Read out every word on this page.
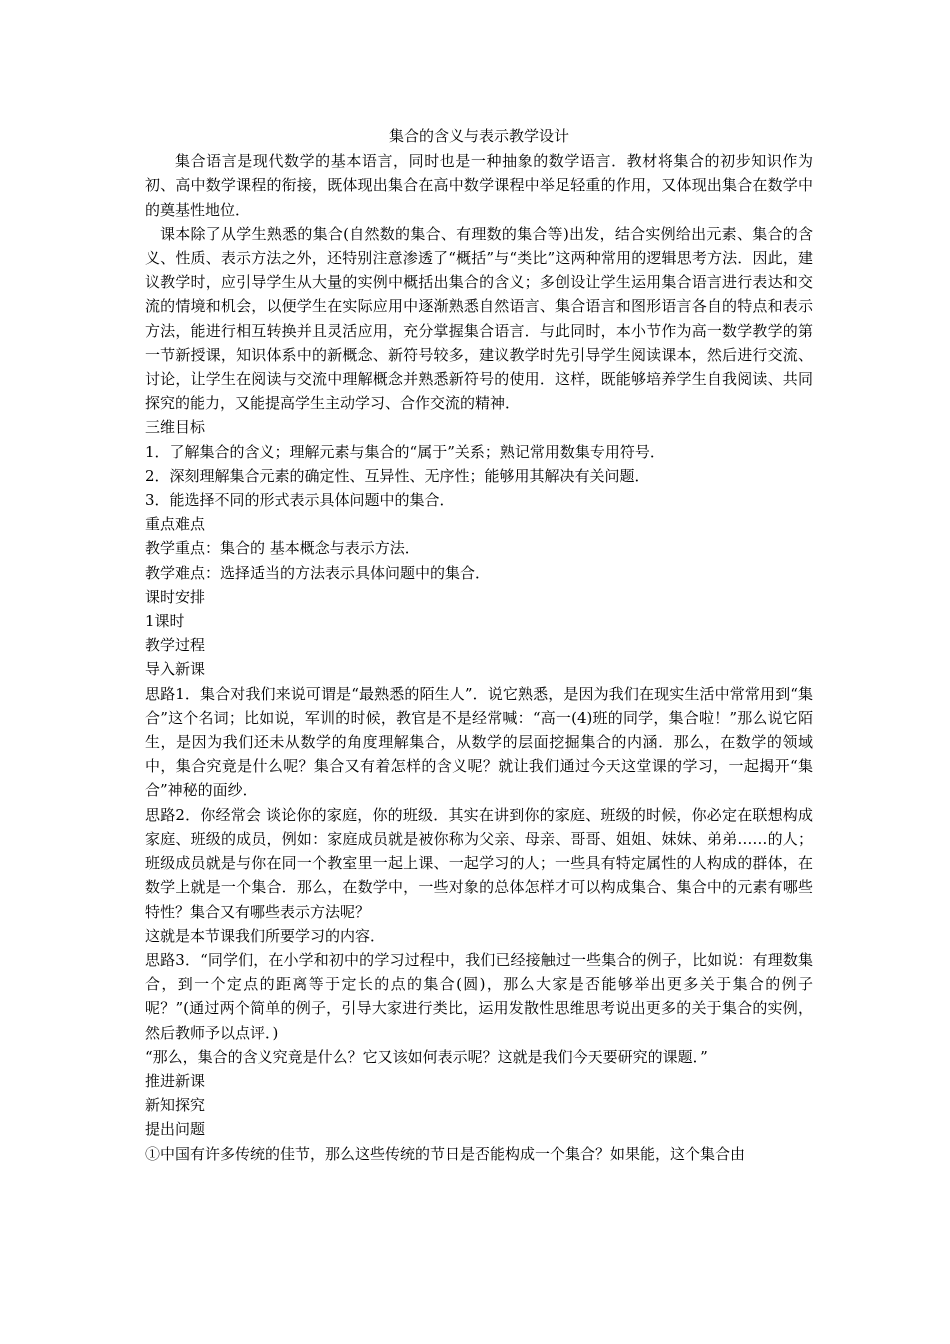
集合的含义与表示教学设计

集合语言是现代数学的基本语言，同时也是一种抽象的数学语言．教材将集合的初步知识作为初、高中数学课程的衔接，既体现出集合在高中数学课程中举足轻重的作用，又体现出集合在数学中的奠基性地位．

课本除了从学生熟悉的集合(自然数的集合、有理数的集合等)出发，结合实例给出元素、集合的含义、性质、表示方法之外，还特别注意渗透了“概括”与“类比”这两种常用的逻辑思考方法．因此，建议教学时，应引导学生从大量的实例中概括出集合的含义；多创设让学生运用集合语言进行表达和交流的情境和机会，以便学生在实际应用中逐渐熟悉自然语言、集合语言和图形语言各自的特点和表示方法，能进行相互转换并且灵活应用，充分掌握集合语言．与此同时，本小节作为高一数学教学的第一节新授课，知识体系中的新概念、新符号较多，建议教学时先引导学生阅读课本，然后进行交流、讨论，让学生在阅读与交流中理解概念并熟悉新符号的使用．这样，既能够培养学生自我阅读、共同探究的能力，又能提高学生主动学习、合作交流的精神．

三维目标

1．了解集合的含义；理解元素与集合的“属于”关系；熟记常用数集专用符号．

2．深刻理解集合元素的确定性、互异性、无序性；能够用其解决有关问题．

3．能选择不同的形式表示具体问题中的集合．

重点难点

教学重点：集合的 基本概念与表示方法．

教学难点：选择适当的方法表示具体问题中的集合．

课时安排

1课时

教学过程

导入新课

思路1．集合对我们来说可谓是“最熟悉的陌生人”．说它熟悉，是因为我们在现实生活中常常用到“集合”这个名词；比如说，军训的时候，教官是不是经常喊：“高一(4)班的同学，集合啦！”那么说它陌生，是因为我们还未从数学的角度理解集合，从数学的层面挖掘集合的内涵．那么，在数学的领域中，集合究竟是什么呢？集合又有着怎样的含义呢？就让我们通过今天这堂课的学习，一起揭开“集合”神秘的面纱．

思路2．你经常会 谈论你的家庭，你的班级．其实在讲到你的家庭、班级的时候，你必定在联想构成家庭、班级的成员，例如：家庭成员就是被你称为父亲、母亲、哥哥、姐姐、妹妹、弟弟……的人；班级成员就是与你在同一个教室里一起上课、一起学习的人；一些具有特定属性的人构成的群体，在数学上就是一个集合．那么，在数学中，一些对象的总体怎样才可以构成集合、集合中的元素有哪些特性？集合又有哪些表示方法呢？

这就是本节课我们所要学习的内容．

思路3．“同学们，在小学和初中的学习过程中，我们已经接触过一些集合的例子，比如说：有理数集合，到一个定点的距离等于定长的点的集合(圆)，那么大家是否能够举出更多关于集合的例子呢？”(通过两个简单的例子，引导大家进行类比，运用发散性思维思考说出更多的关于集合的实例，然后教师予以点评．)

“那么，集合的含义究竟是什么？它又该如何表示呢？这就是我们今天要研究的课题．”

推进新课

新知探究

提出问题

①中国有许多传统的佳节，那么这些传统的节日是否能构成一个集合？如果能，这个集合由
